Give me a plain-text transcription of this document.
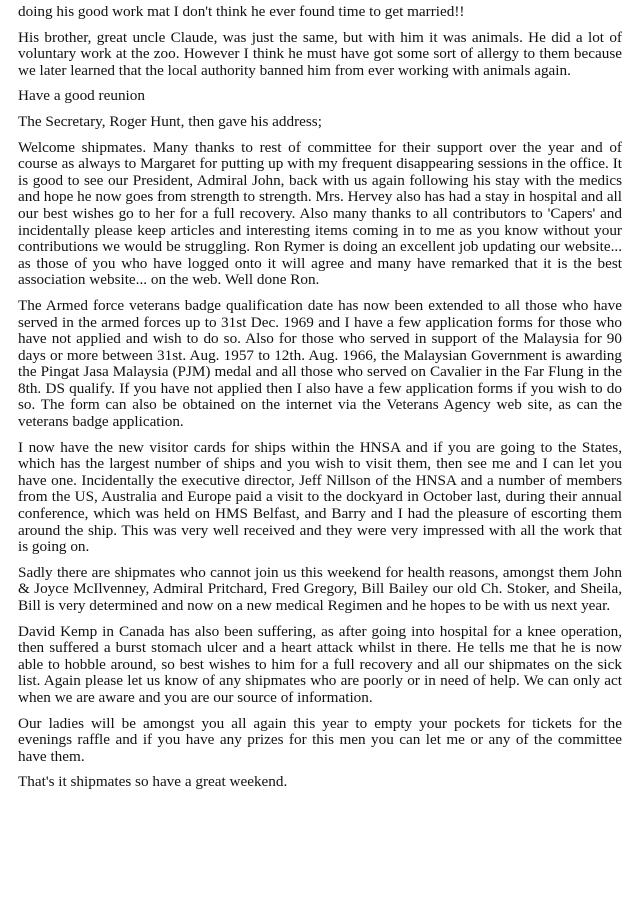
doing his good work mat I don't think he ever found time to get married!!

His brother, great uncle Claude, was just the same, but with him it was animals. He did a lot of voluntary work at the zoo. However I think he must have got some sort of allergy to them because we later learned that the local authority banned him from ever working with animals again.

Have a good reunion

The Secretary, Roger Hunt, then gave his address;

Welcome shipmates. Many thanks to rest of committee for their support over the year and of course as always to Margaret for putting up with my frequent disappearing sessions in the office. It is good to see our President, Admiral John, back with us again following his stay with the medics and hope he now goes from strength to strength. Mrs. Hervey also has had a stay in hospital and all our best wishes go to her for a full recovery. Also many thanks to all contributors to 'Capers' and incidentally please keep articles and interesting items coming in to me as you know without your contributions we would be struggling. Ron Rymer is doing an excellent job updating our website... as those of you who have logged onto it will agree and many have remarked that it is the best association website... on the web. Well done Ron.

The Armed force veterans badge qualification date has now been extended to all those who have served in the armed forces up to 31st Dec. 1969 and I have a few application forms for those who have not applied and wish to do so. Also for those who served in support of the Malaysia for 90 days or more between 31st. Aug. 1957 to 12th. Aug. 1966, the Malaysian Government is awarding the Pingat Jasa Malaysia (PJM) medal and all those who served on Cavalier in the Far Flung in the 8th. DS qualify. If you have not applied then I also have a few application forms if you wish to do so. The form can also be obtained on the internet via the Veterans Agency web site, as can the veterans badge application.

I now have the new visitor cards for ships within the HNSA and if you are going to the States, which has the largest number of ships and you wish to visit them, then see me and I can let you have one. Incidentally the executive director, Jeff Nillson of the HNSA and a number of members from the US, Australia and Europe paid a visit to the dockyard in October last, during their annual conference, which was held on HMS Belfast, and Barry and I had the pleasure of escorting them around the ship. This was very well received and they were very impressed with all the work that is going on.

Sadly there are shipmates who cannot join us this weekend for health reasons, amongst them John & Joyce McIlvenney, Admiral Pritchard, Fred Gregory, Bill Bailey our old Ch. Stoker, and Sheila, Bill is very determined and now on a new medical Regimen and he hopes to be with us next year.

David Kemp in Canada has also been suffering, as after going into hospital for a knee operation, then suffered a burst stomach ulcer and a heart attack whilst in there. He tells me that he is now able to hobble around, so best wishes to him for a full recovery and all our shipmates on the sick list. Again please let us know of any shipmates who are poorly or in need of help. We can only act when we are aware and you are our source of information.

Our ladies will be amongst you all again this year to empty your pockets for tickets for the evenings raffle and if you have any prizes for this men you can let me or any of the committee have them.

That's it shipmates so have a great weekend.
